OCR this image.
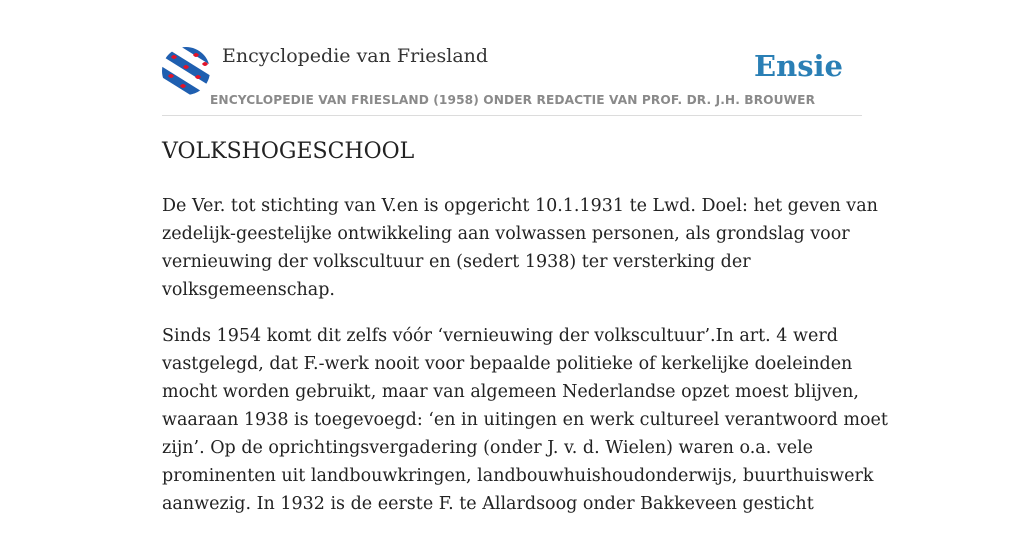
Encyclopedie van Friesland	Ensie
ENCYCLOPEDIE VAN FRIESLAND (1958) ONDER REDACTIE VAN PROF. DR. J.H. BROUWER
VOLKSHOGESCHOOL

De Ver. tot stichting van V.en is opgericht 10.1.1931 te Lwd. Doel: het geven van
zedelijk-geestelijke ontwikkeling aan volwassen personen, als grondslag voor
vernieuwing der volkscultuur en (sedert 1938) ter versterking der
volksgemeenschap.

Sinds 1954 komt dit zelfs vóór ‘vernieuwing der volkscultuur’.In art. 4 werd
vastgelegd, dat F.-werk nooit voor bepaalde politieke of kerkelijke doeleinden
mocht worden gebruikt, maar van algemeen Nederlandse opzet moest blijven,
waaraan 1938 is toegevoegd: ‘en in uitingen en werk cultureel verantwoord moet
zijn’. Op de oprichtingsvergadering (onder J. v. d. Wielen) waren o.a. vele
prominenten uit landbouwkringen, landbouwhuishoudonderwijs, buurthuiswerk
aanwezig. In 1932 is de eerste F. te Allardsoog onder Bakkeveen gesticht
